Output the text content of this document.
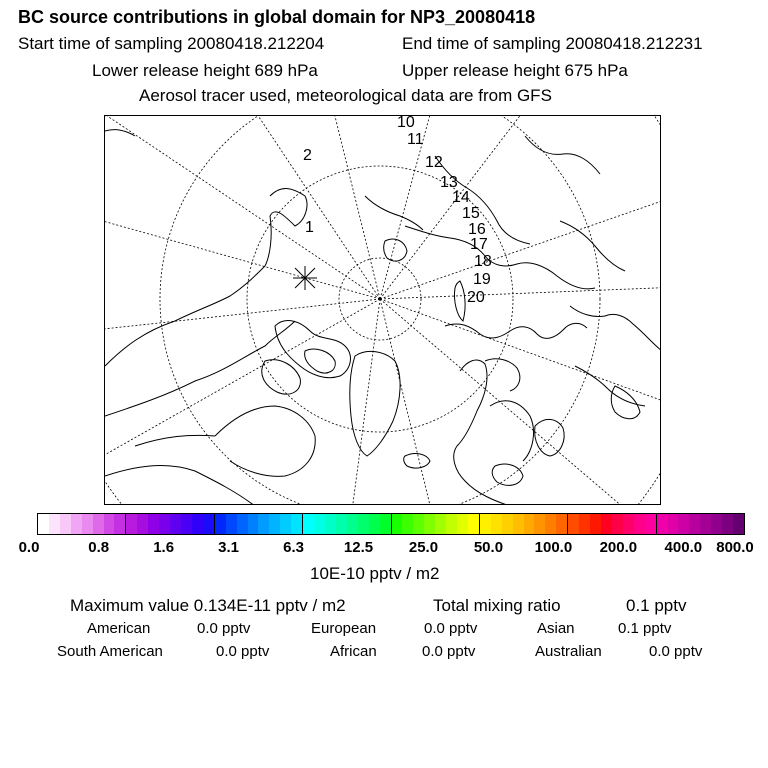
BC source contributions in global domain for NP3_20080418
Start time of sampling 20080418.212204	End time of sampling 20080418.212231
Lower release height 689 hPa	Upper release height 675 hPa
Aerosol tracer used, meteorological data are from GFS
2
1
10
11
12
13
14
15
16
17
18
19
20
0.0	0.8	1.6	3.1	6.3	12.5 25.0 50.0 100.0 200.0 400.0 800.0
10E-10 pptv / m2
Maximum value 0.134E-11 pptv / m2	Total mixing ratio	0.1 pptv
American	0.0 pptv	European	0.0 pptv	Asian	0.1 pptv
South American	0.0 pptv	African	0.0 pptv	Australian	0.0 pptv
